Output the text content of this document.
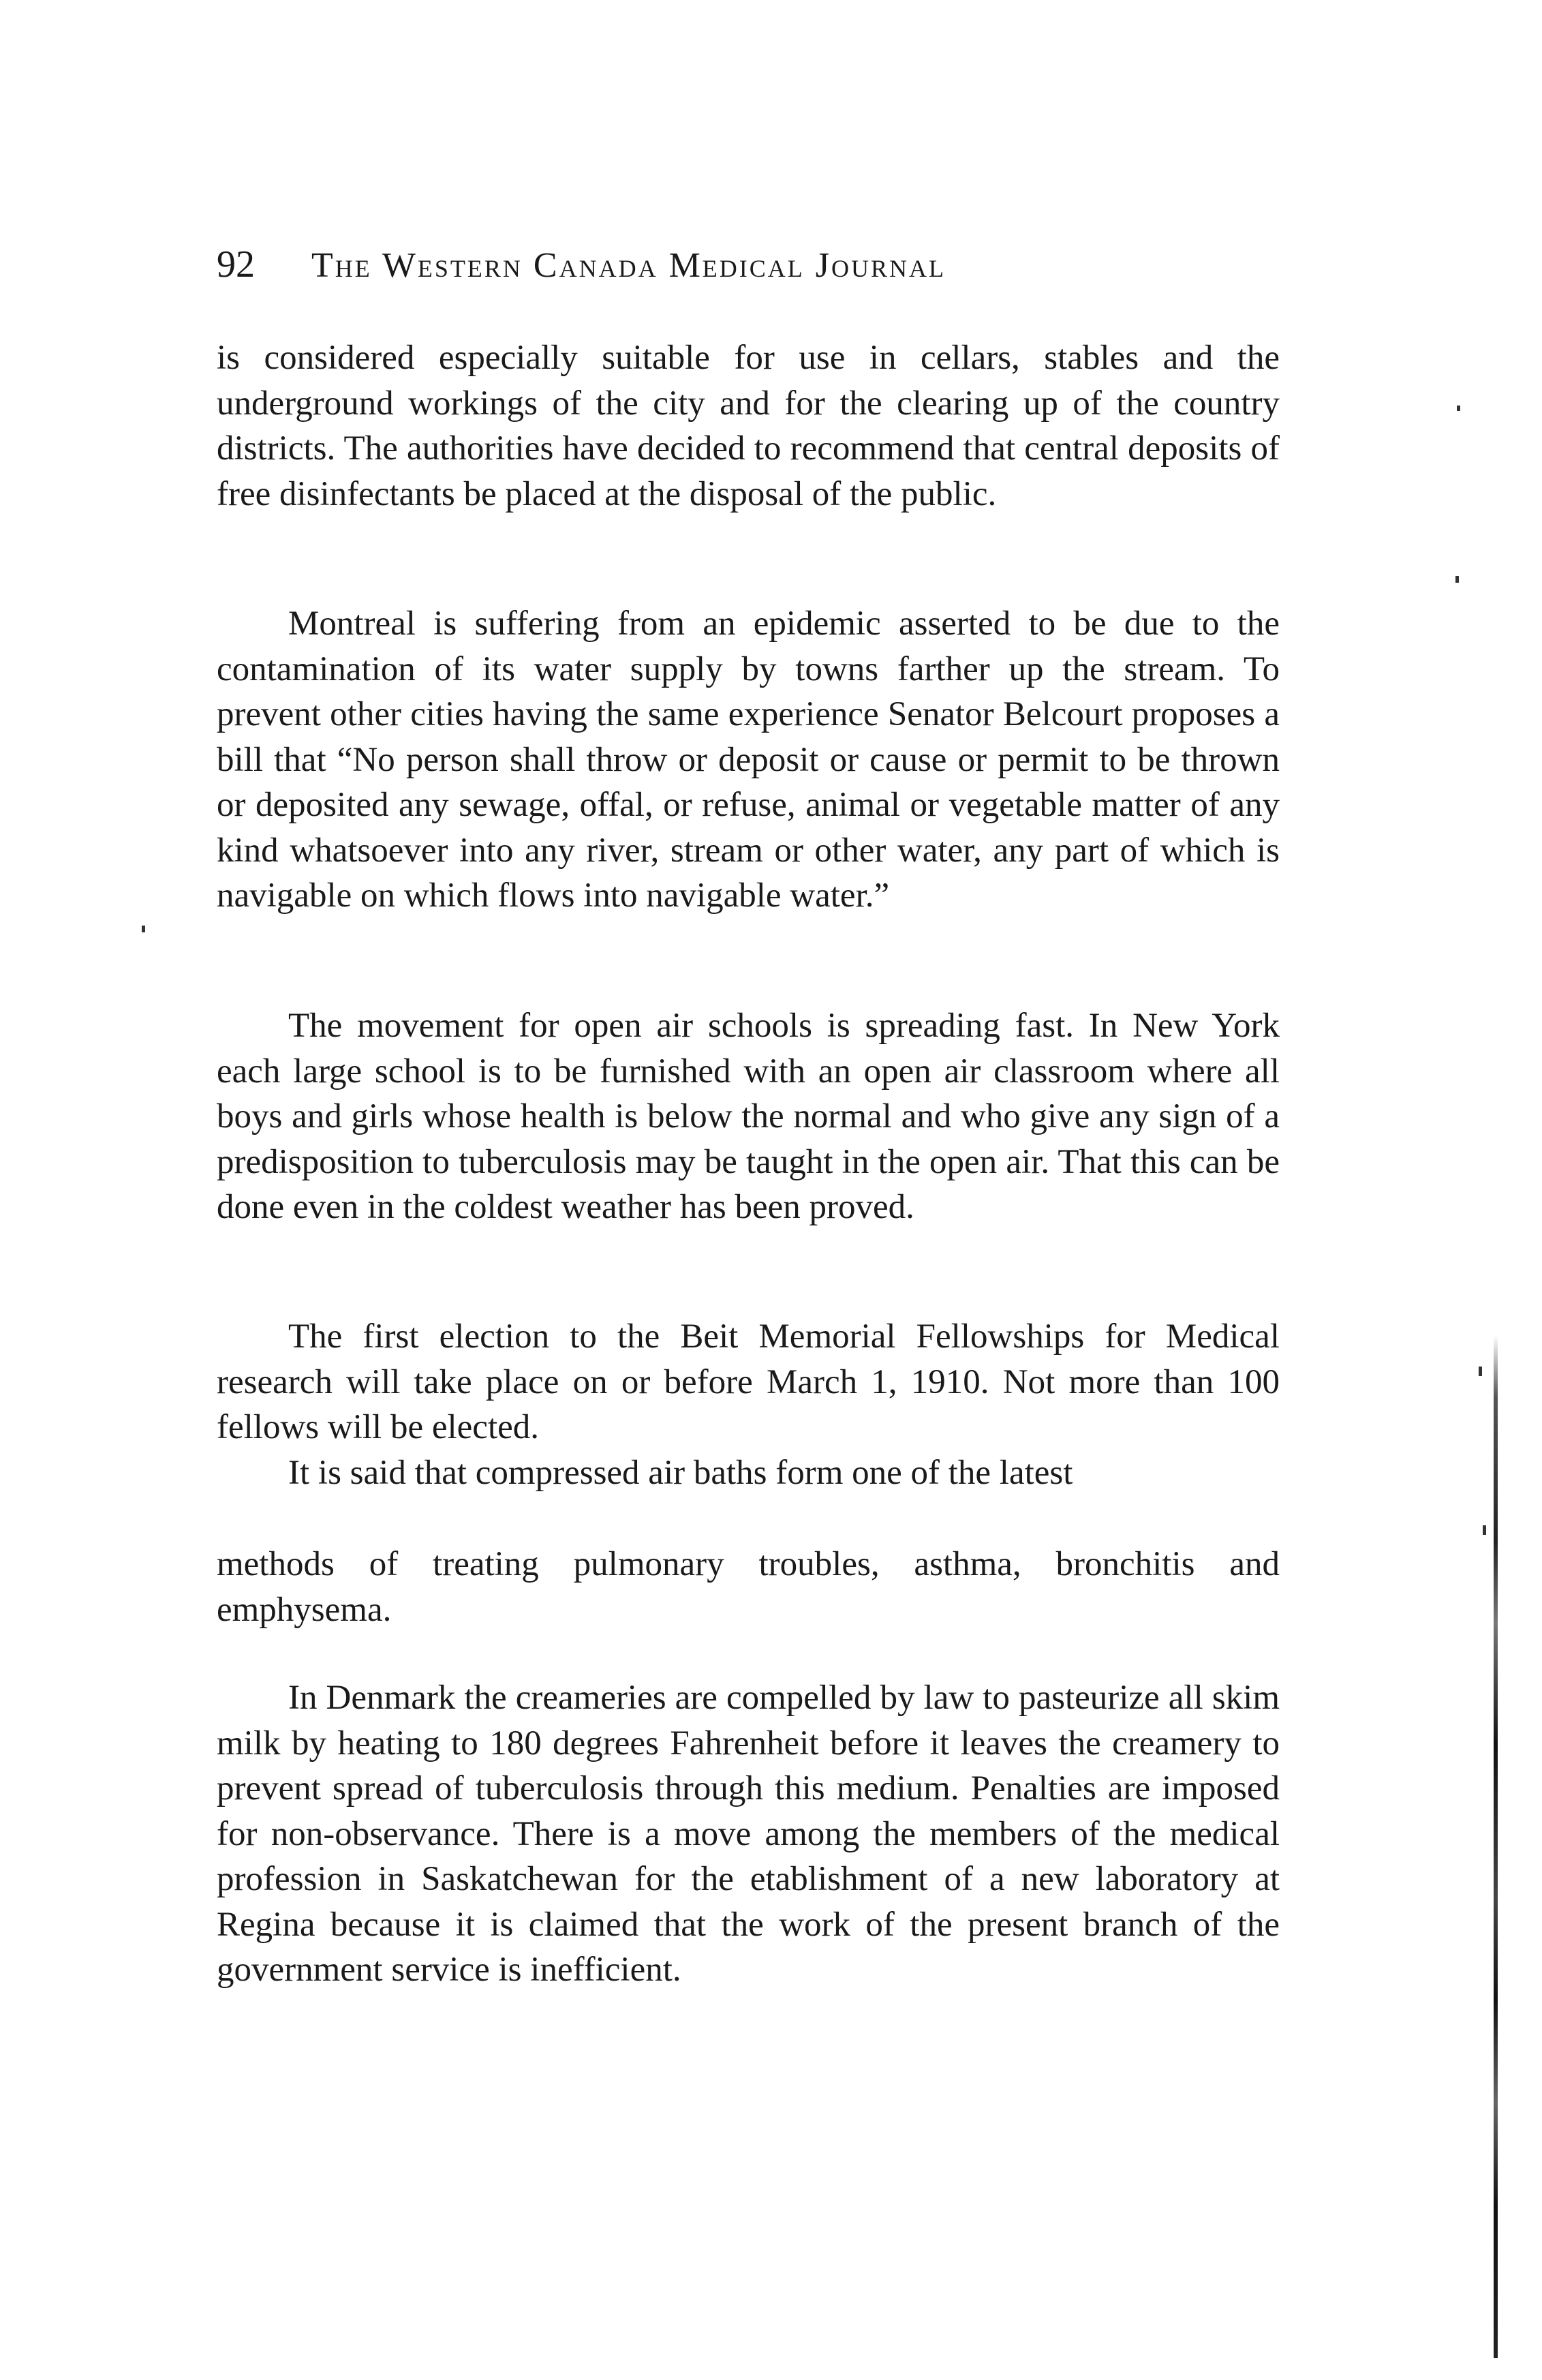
92 The Western Canada Medical Journal

is considered especially suitable for use in cellars, stables and the underground workings of the city and for the clearing up of the country districts. The authorities have decided to recommend that central deposits of free disinfectants be placed at the disposal of the public.

Montreal is suffering from an epidemic asserted to be due to the contamination of its water supply by towns farther up the stream. To prevent other cities having the same experience Senator Belcourt proposes a bill that “No person shall throw or deposit or cause or permit to be thrown or deposited any sewage, offal, or refuse, animal or vegetable matter of any kind whatsoever into any river, stream or other water, any part of which is navigable on which flows into navigable water.”

The movement for open air schools is spreading fast. In New York each large school is to be furnished with an open air classroom where all boys and girls whose health is below the normal and who give any sign of a predisposition to tuberculosis may be taught in the open air. That this can be done even in the coldest weather has been proved.

The first election to the Beit Memorial Fellowships for Medical research will take place on or before March 1, 1910. Not more than 100 fellows will be elected.

It is said that compressed air baths form one of the latest

methods of treating pulmonary troubles, asthma, bronchitis and emphysema.

In Denmark the creameries are compelled by law to pasteurize all skim milk by heating to 180 degrees Fahrenheit before it leaves the creamery to prevent spread of tuberculosis through this medium. Penalties are imposed for non-observance. There is a move among the members of the medical profession in Saskatchewan for the etablishment of a new laboratory at Regina because it is claimed that the work of the present branch of the government service is inefficient.
